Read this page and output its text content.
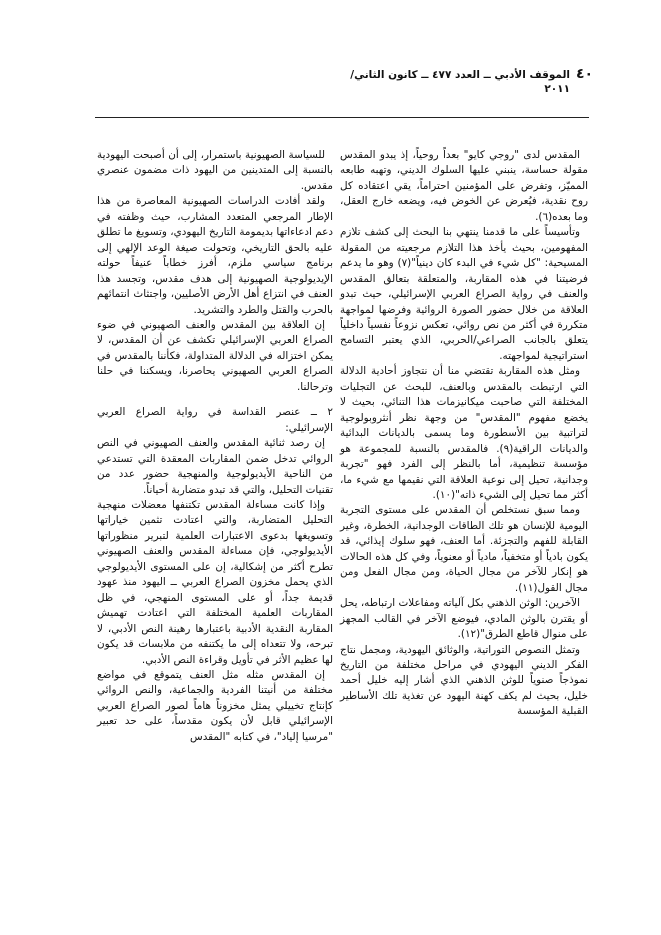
٤٠
الموقف الأدبي ــ العدد ٤٧٧ ــ كانون الثاني/ ٢٠١١

المقدس لدى "روجي كايو" بعداً روحياً، إذ يبدو المقدس مقولة حساسة، ينبني عليها السلوك الديني، وتهبه طابعه المميّز، وتفرض على المؤمنين احتراماً، يقي اعتقاده كل روح نقدية، فيُعرض عن الخوض فيه، ويضعه خارج العقل، وما بعده(٦).

وتأسيساً على ما قدمنا ينتهي بنا البحث إلى كشف تلازم المفهومين، بحيث يأخذ هذا التلازم مرجعيته من المقولة المسيحية: "كل شيء في البدء كان دينياً"(٧) وهو ما يدعم فرضيتنا في هذه المقاربة، والمتعلقة بتعالق المقدس والعنف في رواية الصراع العربي الإسرائيلي، حيث تبدو العلاقة من خلال حضور الصورة الروائية وفرضها لمواجهة متكررة في أكثر من نص روائي، تعكس نزوعاً نفسياً داخلياً يتعلق بالجانب الصراعي/الحربي، الذي يعتبر التسامح استراتيجية لمواجهته.

ومثل هذه المقاربة تقتضي منا أن نتجاوز أحادية الدلالة التي ارتبطت بالمقدس وبالعنف، للبحث عن التجليات المختلفة التي صاحبت ميكانيزمات هذا التنائي، بحيث لا يخضع مفهوم "المقدس" من وجهة نظر أنثروبولوجية لتراتبية بين الأسطورة وما يسمى بالديانات البدائية والديانات الراقية(٩). فالمقدس بالنسبة للمجموعة هو مؤسسة تنظيمية، أما بالنظر إلى الفرد فهو "تجربة وجدانية، تحيل إلى نوعية العلاقة التي نقيمها مع شيء ما، أكثر مما تحيل إلى الشيء ذاته"(١٠).

ومما سبق نستخلص أن المقدس على مستوى التجربة اليومية للإنسان هو تلك الطاقات الوجدانية، الخطرة، وغير القابلة للفهم والتجزئة. أما العنف، فهو سلوك إيذائي، قد يكون بادياً أو متخفياً، مادياً أو معنوياً، وفي كل هذه الحالات هو إنكار للآخر من مجال الحياة، ومن مجال الفعل ومن مجال القول(١١).

الآخرين: الوثن الذهني بكل آلياته ومفاعلات ارتباطه، يحل أو يقترن بالوثن المادي، فيوضع الآخر في القالب المجهز على منوال قاطع الطرق"(١٢).

وتمثل النصوص التوراتية، والوثائق اليهودية، ومجمل نتاج الفكر الديني اليهودي في مراحل مختلفة من التاريخ نموذجاً صنوياً للوثن الذهني الذي أشار إليه خليل أحمد خليل، بحيث لم يكف كهنة اليهود عن تغذية تلك الأساطير القبلية المؤسسة

للسياسة الصهيونية باستمرار، إلى أن أصبحت اليهودية بالنسبة إلى المتدينين من اليهود ذات مضمون عنصري مقدس.

ولقد أفادت الدراسات الصهيونية المعاصرة من هذا الإطار المرجعي المتعدد المشارب، حيث وظفته في دعم ادعاءاتها بديمومة التاريخ اليهودي، وتسويغ ما تطلق عليه بالحق التاريخي، وتحولت صيغة الوعد الإلهي إلى برنامج سياسي ملزم، أفرز خطاباً عنيفاً حولته الإيديولوجية الصهيونية إلى هدف مقدس، وتجسد هذا العنف في انتزاع أهل الأرض الأصليين، واجتثاث انتمائهم بالحرب والقتل والطرد والتشريد.

إن العلاقة بين المقدس والعنف الصهيوني في ضوء الصراع العربي الإسرائيلي تكشف عن أن المقدس، لا يمكن اختزاله في الدلالة المتداولة، فكأننا بالمقدس في الصراع العربي الصهيوني يحاصرنا، ويسكننا في حلنا وترحالنا.

٢ ــ عنصر القداسة في رواية الصراع العربي الإسرائيلي:

إن رصد ثنائية المقدس والعنف الصهيوني في النص الروائي تدخل ضمن المقاربات المعقدة التي تستدعي من الناحية الأيديولوجية والمنهجية حضور عدد من تقنيات التحليل، والتي قد تبدو متضاربة أحياناً.

وإذا كانت مساءلة المقدس تكتنفها معضلات منهجية التحليل المتضاربة، والتي اعتادت تثمين خياراتها وتسويغها بدعوى الاعتبارات العلمية لتبرير منظوراتها الأيديولوجي، فإن مساءلة المقدس والعنف الصهيوني تطرح أكثر من إشكالية، إن على المستوى الأيديولوجي الذي يحمل مخزون الصراع العربي ــ اليهود منذ عهود قديمة جداً، أو على المستوى المنهجي، في ظل المقاربات العلمية المختلفة التي اعتادت تهميش المقاربة النقدية الأدبية باعتبارها رهينة النص الأدبي، لا تبرحه، ولا تتعداه إلى ما يكتنفه من ملابسات قد يكون لها عظيم الأثر في تأويل وقراءة النص الأدبي.

إن المقدس مثله مثل العنف يتموقع في مواضع مختلفة من أنيتنا الفردية والجماعية، والنص الروائي كإنتاج تخييلي يمثل مخزوناً هاماً لصور الصراع العربي الإسرائيلي قابل لأن يكون مقدساً، على حد تعبير "مرسيا إلياد"، في كتابه "المقدس
